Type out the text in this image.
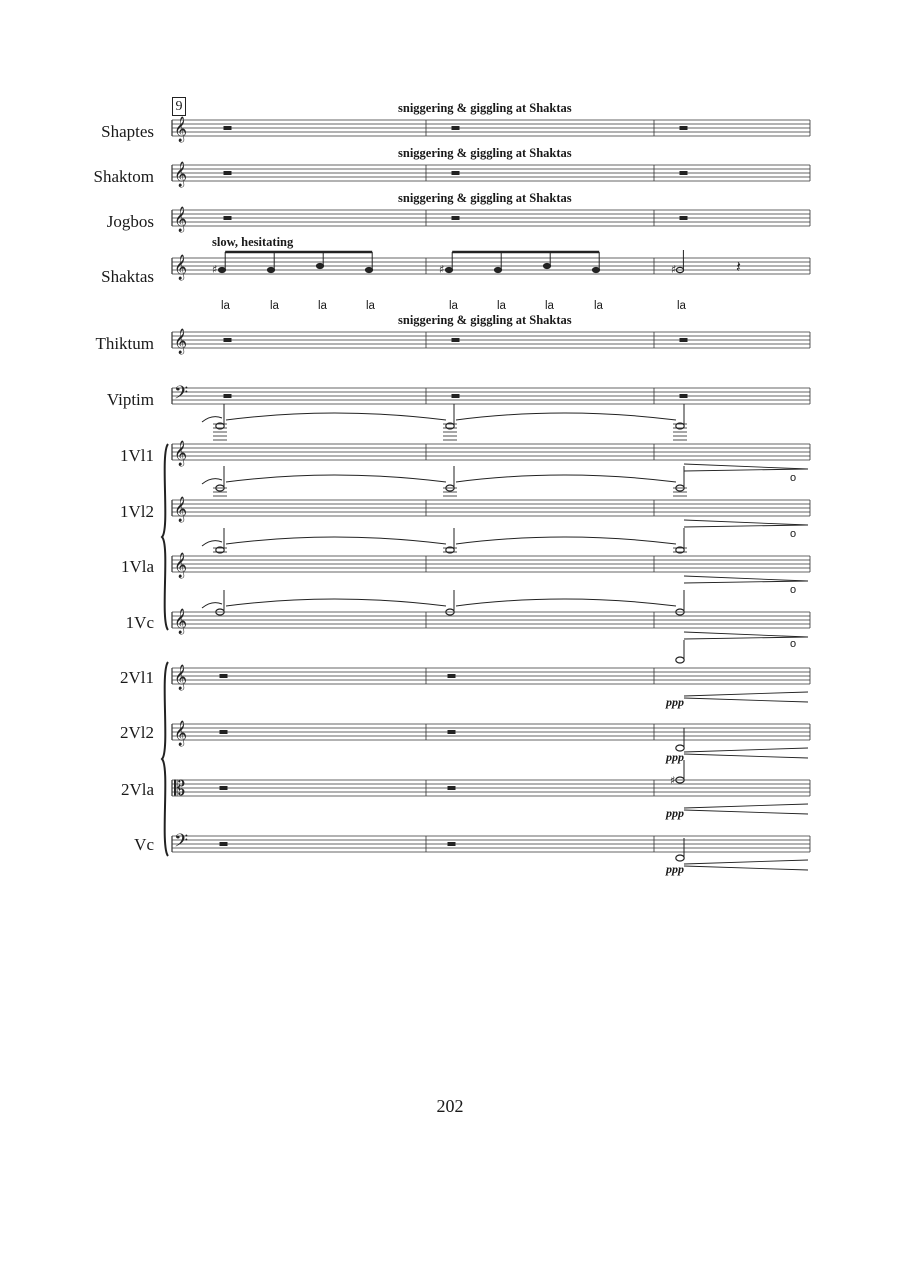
𝄞
𝄞
𝄞
𝄞
𝄞
𝄢
𝄞
𝄞
𝄞
𝄞
𝄞
𝄞
𝄡
𝄢
♯	♯	♯	𝄽
♯
9
Shaptes
Shaktom
Jogbos
Shaktas
Thiktum
Viptim
1Vl1
1Vl2
1Vla
1Vc
2Vl1
2Vl2
2Vla
Vc
sniggering & giggling at Shaktas
sniggering & giggling at Shaktas
sniggering & giggling at Shaktas
slow, hesitating
sniggering & giggling at Shaktas
la	la	la	la	la	la	la	la	la
o
o
o
o
ppp
ppp
ppp
ppp
202
